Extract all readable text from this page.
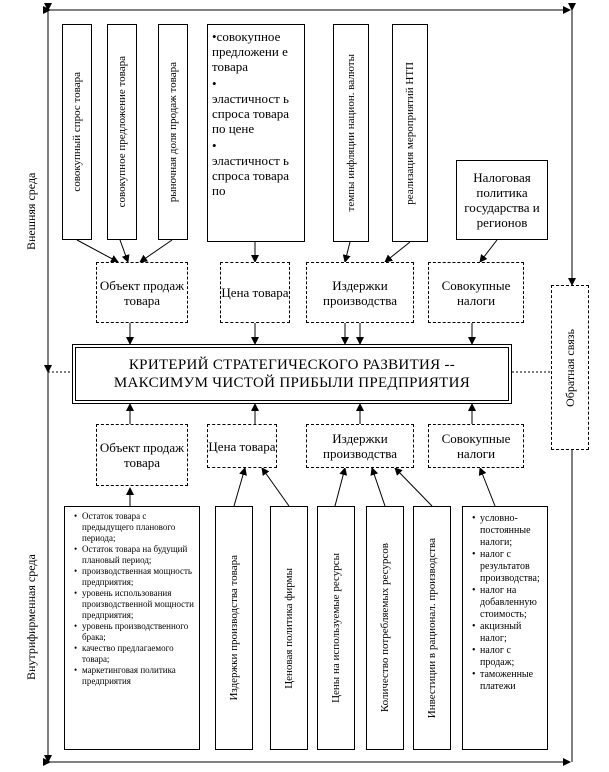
Внешняя среда
Внутрифирменная среда
Обратная связь
совокупный спрос товара	совокупное предложение товара	рыночная доля продаж товара
•совокупное предложени е товара
•
эластичност ь спроса товара по цене
•
эластичност ь спроса товара по	темпы инфляции национ. валюты	реализация мероприятий НТП	Налоговая политика государства и регионов
Объект продаж товара	Цена товара	Издержки производства
Совокупные налоги
КРИТЕРИЙ СТРАТЕГИЧЕСКОГО РАЗВИТИЯ --
МАКСИМУМ ЧИСТОЙ ПРИБЫЛИ ПРЕДПРИЯТИЯ
Объект продаж товара
Цена товара	Издержки производства
Совокупные налоги
• Остаток товара с предыдущего планового периода;
• Остаток товара на будущий плановый период;
• производственная мощность предприятия;
• уровень использования производственной мощности предприятия;
• уровень производственного брака;
• качество предлагаемого товара;
• маркетинговая политика предприятия	Издержки производства товара	Ценовая политика фирмы	Цены на используемые ресурсы	Количество потребляемых ресурсов	Инвестиции в рационал. производства
• условно-постоянные налоги;
• налог с результатов производства;
• налог на добавленную стоимость;
• акцизный налог;
• налог с продаж;
• таможенные платежи
